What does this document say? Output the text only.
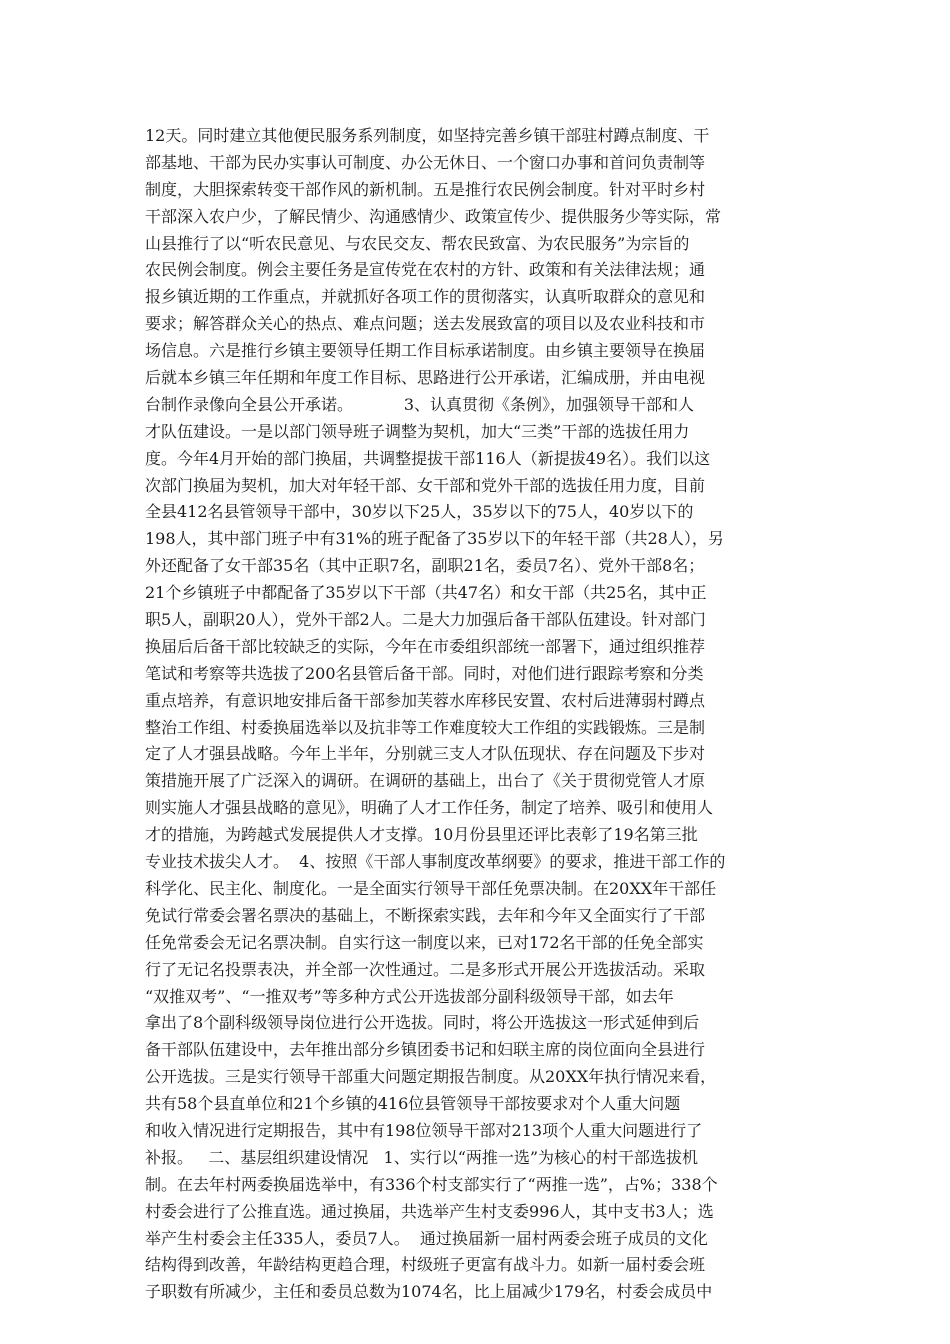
12天。同时建立其他便民服务系列制度，如坚持完善乡镇干部驻村蹲点制度、干
部基地、干部为民办实事认可制度、办公无休日、一个窗口办事和首问负责制等
制度，大胆探索转变干部作风的新机制。五是推行农民例会制度。针对平时乡村
干部深入农户少，了解民情少、沟通感情少、政策宣传少、提供服务少等实际，常
山县推行了以“听农民意见、与农民交友、帮农民致富、为农民服务”为宗旨的
农民例会制度。例会主要任务是宣传党在农村的方针、政策和有关法律法规；通
报乡镇近期的工作重点，并就抓好各项工作的贯彻落实，认真听取群众的意见和
要求；解答群众关心的热点、难点问题；送去发展致富的项目以及农业科技和市
场信息。六是推行乡镇主要领导任期工作目标承诺制度。由乡镇主要领导在换届
后就本乡镇三年任期和年度工作目标、思路进行公开承诺，汇编成册，并由电视
台制作录像向全县公开承诺。          3、认真贯彻《条例》，加强领导干部和人
才队伍建设。一是以部门领导班子调整为契机，加大“三类”干部的选拔任用力
度。今年4月开始的部门换届，共调整提拔干部116人（新提拔49名）。我们以这
次部门换届为契机，加大对年轻干部、女干部和党外干部的选拔任用力度，目前
全县412名县管领导干部中，30岁以下25人，35岁以下的75人，40岁以下的
198人，其中部门班子中有31%的班子配备了35岁以下的年轻干部（共28人），另
外还配备了女干部35名（其中正职7名，副职21名，委员7名）、党外干部8名；
21个乡镇班子中都配备了35岁以下干部（共47名）和女干部（共25名，其中正
职5人，副职20人），党外干部2人。二是大力加强后备干部队伍建设。针对部门
换届后后备干部比较缺乏的实际，今年在市委组织部统一部署下，通过组织推荐
笔试和考察等共选拔了200名县管后备干部。同时，对他们进行跟踪考察和分类
重点培养，有意识地安排后备干部参加芙蓉水库移民安置、农村后进薄弱村蹲点
整治工作组、村委换届选举以及抗非等工作难度较大工作组的实践锻炼。三是制
定了人才强县战略。今年上半年，分别就三支人才队伍现状、存在问题及下步对
策措施开展了广泛深入的调研。在调研的基础上，出台了《关于贯彻党管人才原
则实施人才强县战略的意见》，明确了人才工作任务，制定了培养、吸引和使用人
才的措施，为跨越式发展提供人才支撑。10月份县里还评比表彰了19名第三批
专业技术拔尖人才。  4、按照《干部人事制度改革纲要》的要求，推进干部工作的
科学化、民主化、制度化。一是全面实行领导干部任免票决制。在20XX年干部任
免试行常委会署名票决的基础上，不断探索实践，去年和今年又全面实行了干部
任免常委会无记名票决制。自实行这一制度以来，已对172名干部的任免全部实
行了无记名投票表决，并全部一次性通过。二是多形式开展公开选拔活动。采取
“双推双考”、“一推双考”等多种方式公开选拔部分副科级领导干部，如去年
拿出了8个副科级领导岗位进行公开选拔。同时，将公开选拔这一形式延伸到后
备干部队伍建设中，去年推出部分乡镇团委书记和妇联主席的岗位面向全县进行
公开选拔。三是实行领导干部重大问题定期报告制度。从20XX年执行情况来看，
共有58个县直单位和21个乡镇的416位县管领导干部按要求对个人重大问题
和收入情况进行定期报告，其中有198位领导干部对213项个人重大问题进行了
补报。   二、基层组织建设情况   1、实行以“两推一选”为核心的村干部选拔机
制。在去年村两委换届选举中，有336个村支部实行了“两推一选”，占%；338个
村委会进行了公推直选。通过换届，共选举产生村支委996人，其中支书3人；选
举产生村委会主任335人，委员7人。  通过换届新一届村两委会班子成员的文化
结构得到改善，年龄结构更趋合理，村级班子更富有战斗力。如新一届村委会班
子职数有所减少，主任和委员总数为1074名，比上届减少179名，村委会成员中
